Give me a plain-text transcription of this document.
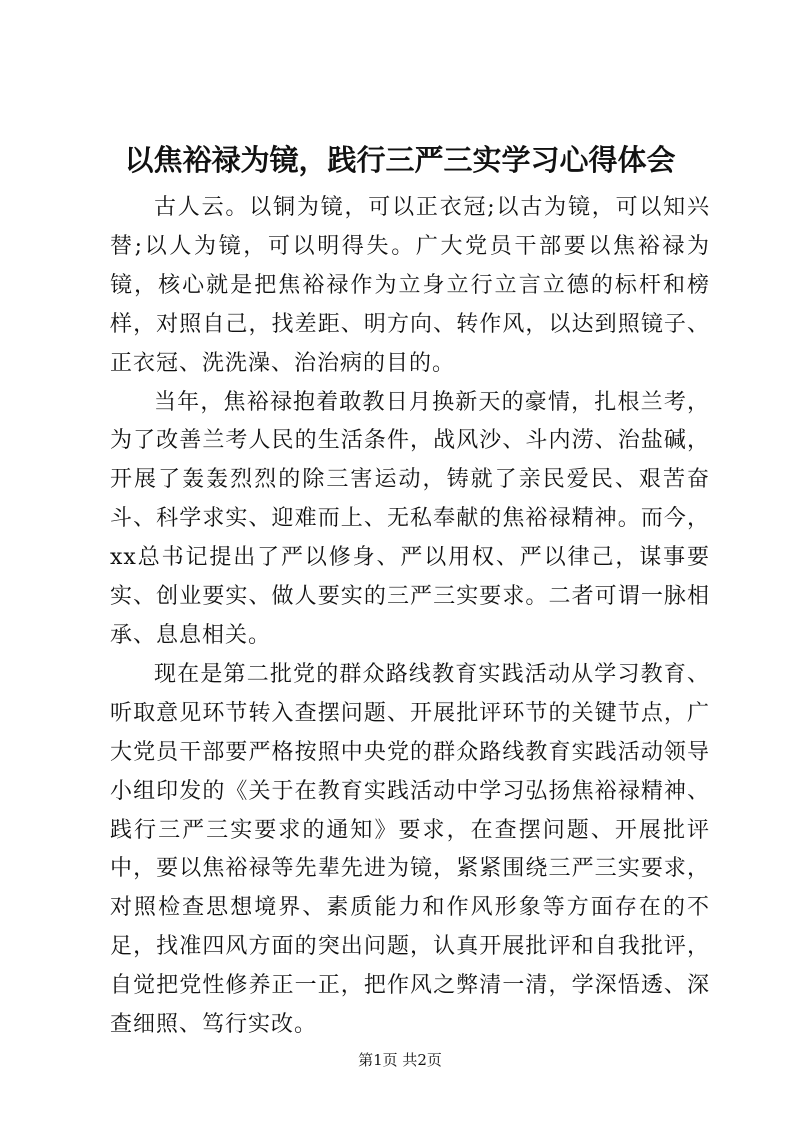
以焦裕禄为镜，践行三严三实学习心得体会

古人云。以铜为镜，可以正衣冠;以古为镜，可以知兴替;以人为镜，可以明得失。广大党员干部要以焦裕禄为镜，核心就是把焦裕禄作为立身立行立言立德的标杆和榜样，对照自己，找差距、明方向、转作风，以达到照镜子、正衣冠、洗洗澡、治治病的目的。

当年，焦裕禄抱着敢教日月换新天的豪情，扎根兰考，为了改善兰考人民的生活条件，战风沙、斗内涝、治盐碱，开展了轰轰烈烈的除三害运动，铸就了亲民爱民、艰苦奋斗、科学求实、迎难而上、无私奉献的焦裕禄精神。而今，xx总书记提出了严以修身、严以用权、严以律己，谋事要实、创业要实、做人要实的三严三实要求。二者可谓一脉相承、息息相关。

现在是第二批党的群众路线教育实践活动从学习教育、听取意见环节转入查摆问题、开展批评环节的关键节点，广大党员干部要严格按照中央党的群众路线教育实践活动领导小组印发的《关于在教育实践活动中学习弘扬焦裕禄精神、践行三严三实要求的通知》要求，在查摆问题、开展批评中，要以焦裕禄等先辈先进为镜，紧紧围绕三严三实要求，对照检查思想境界、素质能力和作风形象等方面存在的不足，找准四风方面的突出问题，认真开展批评和自我批评，自觉把党性修养正一正，把作风之弊清一清，学深悟透、深查细照、笃行实改。

第1页 共2页
